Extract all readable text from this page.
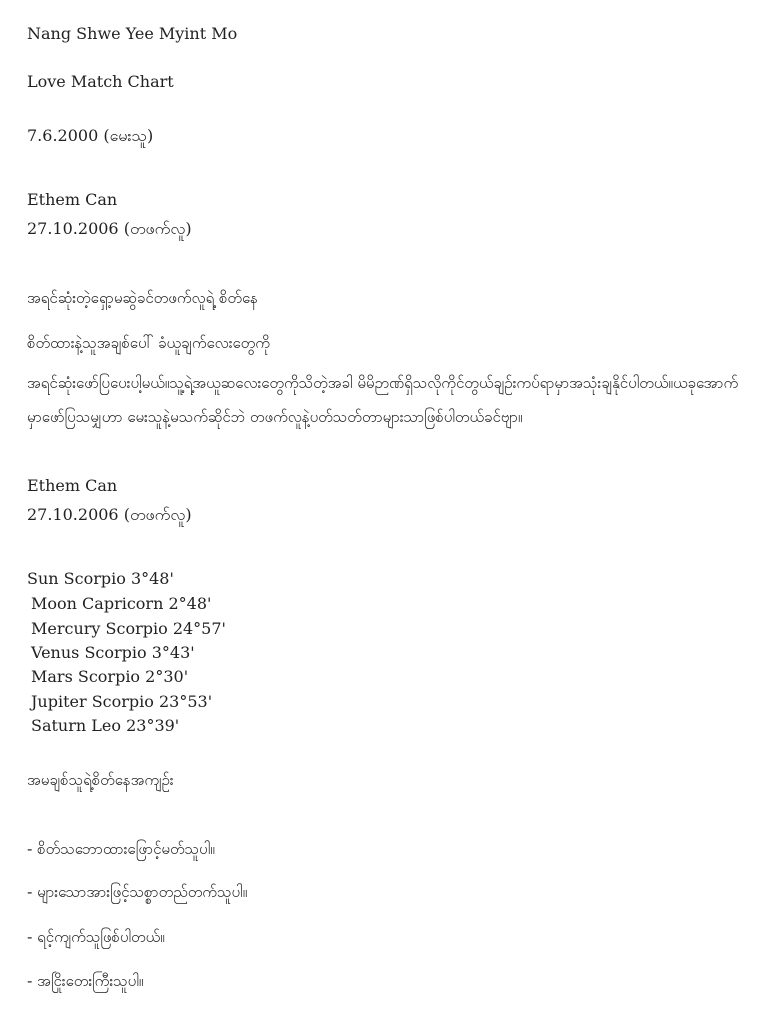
Nang Shwe Yee Myint Mo
Love Match Chart
7.6.2000 (မေးသူ)
Ethem Can
27.10.2006 (တဖက်လူ)
အရင်ဆုံးတဲ့ရှော့မဆွဲခင်တဖက်လူရဲ့ စိတ်နေ
စိတ်ထားနဲ့သူအချစ်ပေါ် ခံယူချက်လေးတွေကို
အရင်ဆုံးဖော်ပြပေးပါ့မယ်။သူ့ရဲ့အယူဆလေးတွေကိုသိတဲ့အခါ မိမိဉာဏ်ရှိသလိုကိုင်တွယ်ချဉ်းကပ်ရာမှာအသုံးချနိုင်ပါတယ်။ယခုအောက်မှာဖော်ပြသမျှဟာ မေးသူနဲ့မသက်ဆိုင်ဘဲ တဖက်လူနဲ့ပတ်သတ်တာများသာဖြစ်ပါတယ်ခင်ဗျာ။
Ethem Can
27.10.2006 (တဖက်လူ)
Sun Scorpio 3°48'
Moon Capricorn 2°48'
Mercury Scorpio 24°57'
Venus Scorpio 3°43'
Mars Scorpio 2°30'
Jupiter Scorpio 23°53'
Saturn Leo 23°39'
အမချစ်သူရဲ့စိတ်နေအကျဉ်း
- စိတ်သဘောထားဖြောင့်မတ်သူပါ။
- များသောအားဖြင့်သစ္စာတည်တက်သူပါ။
- ရင့်ကျက်သူဖြစ်ပါတယ်။
- အငြိုးတေးကြီးသူပါ။
